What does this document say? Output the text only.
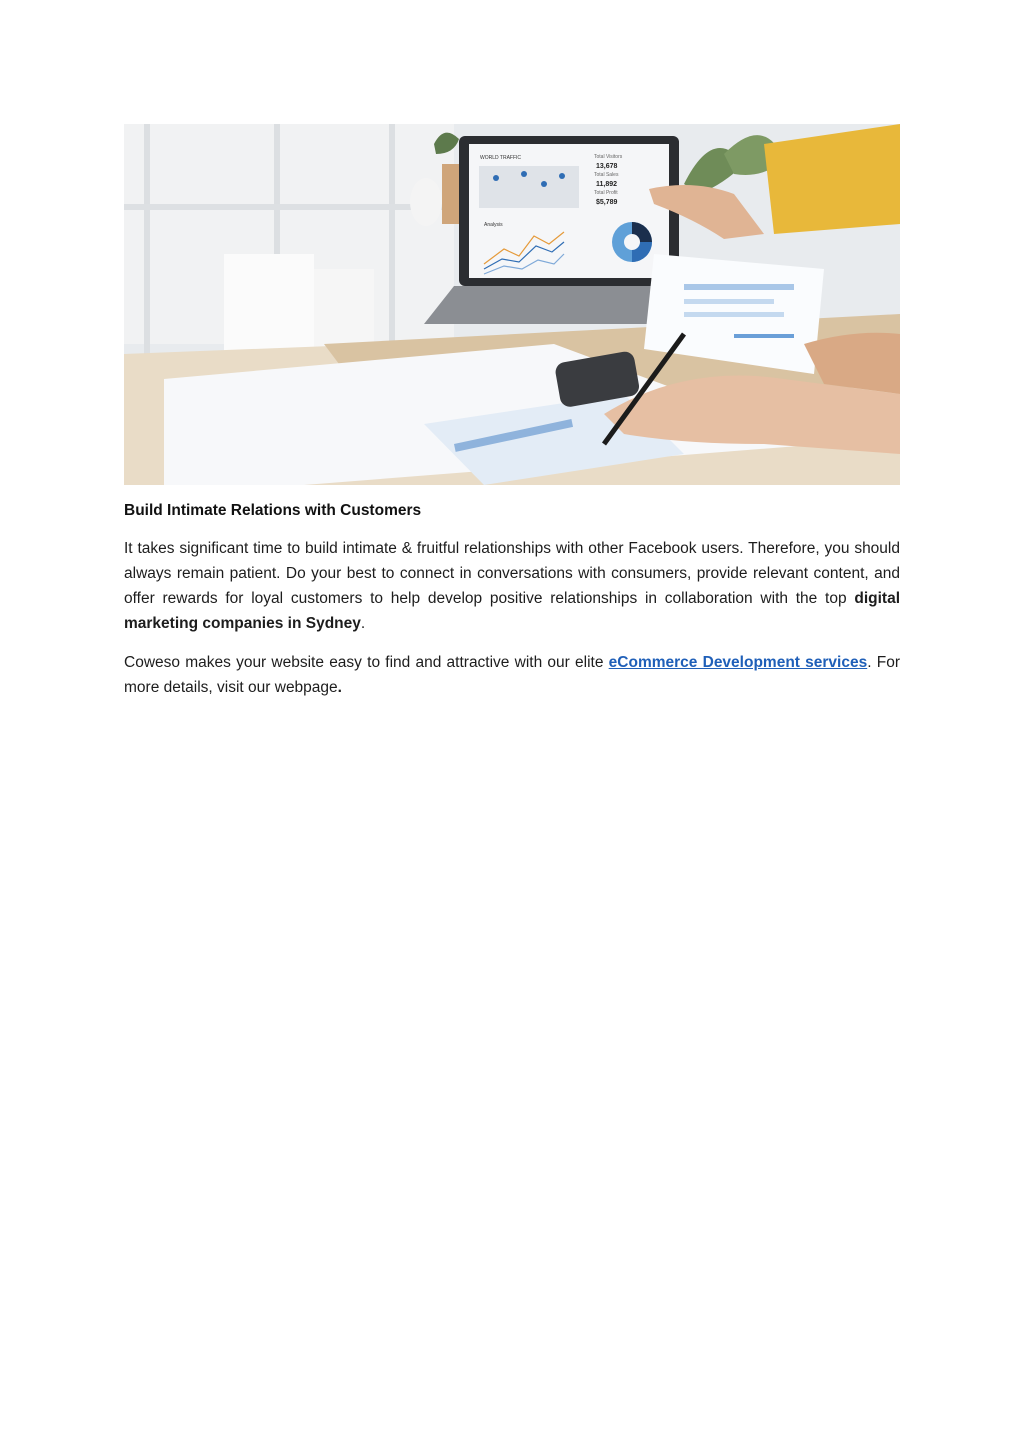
WORLD TRAFFIC	Total Visitors
13,678
Total Sales
11,892
Total Profit
$5,789
Analysis

Build Intimate Relations with Customers

It takes significant time to build intimate & fruitful relationships with other Facebook users. Therefore, you should always remain patient. Do your best to connect in conversations with consumers, provide relevant content, and offer rewards for loyal customers to help develop positive relationships in collaboration with the top digital marketing companies in Sydney.

Coweso makes your website easy to find and attractive with our elite eCommerce Development services. For more details, visit our webpage.
